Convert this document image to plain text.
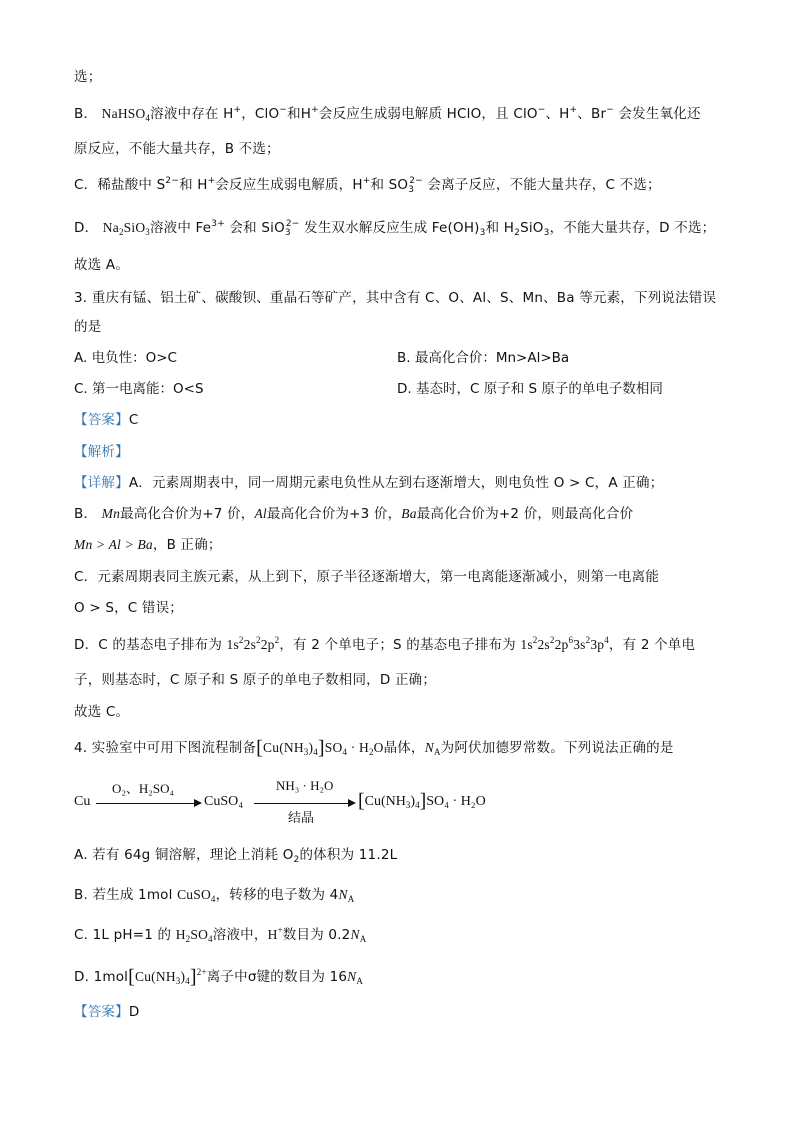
选；
B． NaHSO$_4$溶液中存在 H+，ClO−和H+会反应生成弱电解质 HClO，且 ClO−、H+、Br− 会发生氧化还
原反应，不能大量共存，B 不选；
C．稀盐酸中 $S^{2-}$和 H+会反应生成弱电解质，H+和 $SO_3^{2-}$ 会离子反应，不能大量共存，C 不选；
D． $Na_2SiO_3$溶液中 $Fe^{3+}$ 会和 SiO$_3^{2-}$ 发生双水解反应生成 $Fe(OH)_3$和 $H_2SiO_3$，不能大量共存，D 不选；
故选 A。
3. 重庆有锰、铝土矿、碳酸钡、重晶石等矿产，其中含有 C、O、Al、S、Mn、Ba 等元素，下列说法错误
的是
A. 电负性：O>C	B. 最高化合价：Mn>Al>Ba
C. 第一电离能：O<S	D. 基态时，C 原子和 S 原子的单电子数相同
【答案】C
【解析】
【详解】A．元素周期表中，同一周期元素电负性从左到右逐渐增大，则电负性 O > C，A 正确；
B． Mn最高化合价为+7 价，Al最高化合价为+3 价，Ba最高化合价为+2 价，则最高化合价
Mn > Al > Ba，B 正确；
C．元素周期表同主族元素，从上到下，原子半径逐渐增大，第一电离能逐渐减小，则第一电离能
O > S，C 错误；
D．C 的基态电子排布为 $1s^22s^22p^2$，有 2 个单电子；S 的基态电子排布为 $1s^22s^22p^63s^23p^4$，有 2 个单电
子，则基态时，C 原子和 S 原子的单电子数相同，D 正确；
故选 C。
4. 实验室中可用下图流程制备$[Cu(NH_3)_4]SO_4 \cdot H_2O$晶体，$N_A$为阿伏加德罗常数。下列说法正确的是
Cu
O₂、H₂SO₄
CuSO₄
NH₃ · H₂O
结晶
$[Cu(NH_3)_4]SO_4 \cdot H_2O$
A. 若有 64g 铜溶解，理论上消耗 $O_2$的体积为 11.2L
B. 若生成 1mol CuSO$_4$，转移的电子数为 $4N_A$
C. 1L pH=1 的 $H_2SO_4$溶液中，H+数目为 $0.2N_A$
D. $1mol[Cu(NH_3)_4]^{2+}$离子中σ键的数目为 $16N_A$
【答案】D
